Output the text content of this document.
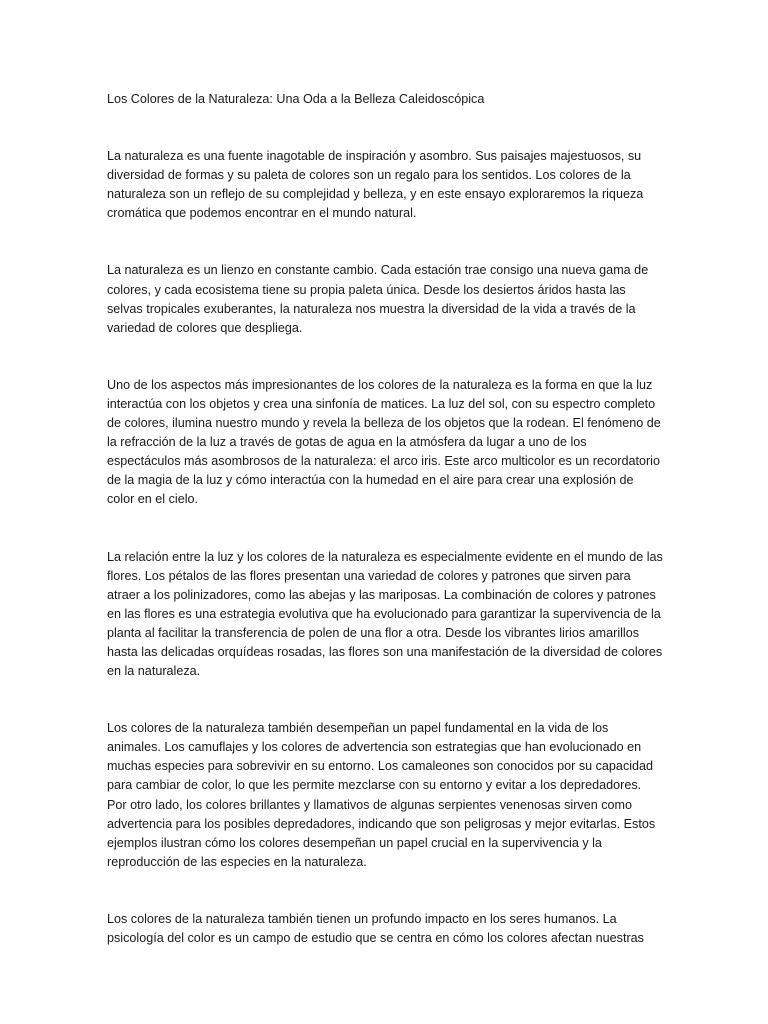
Los Colores de la Naturaleza: Una Oda a la Belleza Caleidoscópica

La naturaleza es una fuente inagotable de inspiración y asombro. Sus paisajes majestuosos, su diversidad de formas y su paleta de colores son un regalo para los sentidos. Los colores de la naturaleza son un reflejo de su complejidad y belleza, y en este ensayo exploraremos la riqueza cromática que podemos encontrar en el mundo natural.

La naturaleza es un lienzo en constante cambio. Cada estación trae consigo una nueva gama de colores, y cada ecosistema tiene su propia paleta única. Desde los desiertos áridos hasta las selvas tropicales exuberantes, la naturaleza nos muestra la diversidad de la vida a través de la variedad de colores que despliega.

Uno de los aspectos más impresionantes de los colores de la naturaleza es la forma en que la luz interactúa con los objetos y crea una sinfonía de matices. La luz del sol, con su espectro completo de colores, ilumina nuestro mundo y revela la belleza de los objetos que la rodean. El fenómeno de la refracción de la luz a través de gotas de agua en la atmósfera da lugar a uno de los espectáculos más asombrosos de la naturaleza: el arco iris. Este arco multicolor es un recordatorio de la magia de la luz y cómo interactúa con la humedad en el aire para crear una explosión de color en el cielo.

La relación entre la luz y los colores de la naturaleza es especialmente evidente en el mundo de las flores. Los pétalos de las flores presentan una variedad de colores y patrones que sirven para atraer a los polinizadores, como las abejas y las mariposas. La combinación de colores y patrones en las flores es una estrategia evolutiva que ha evolucionado para garantizar la supervivencia de la planta al facilitar la transferencia de polen de una flor a otra. Desde los vibrantes lirios amarillos hasta las delicadas orquídeas rosadas, las flores son una manifestación de la diversidad de colores en la naturaleza.

Los colores de la naturaleza también desempeñan un papel fundamental en la vida de los animales. Los camuflajes y los colores de advertencia son estrategias que han evolucionado en muchas especies para sobrevivir en su entorno. Los camaleones son conocidos por su capacidad para cambiar de color, lo que les permite mezclarse con su entorno y evitar a los depredadores. Por otro lado, los colores brillantes y llamativos de algunas serpientes venenosas sirven como advertencia para los posibles depredadores, indicando que son peligrosas y mejor evitarlas. Estos ejemplos ilustran cómo los colores desempeñan un papel crucial en la supervivencia y la reproducción de las especies en la naturaleza.

Los colores de la naturaleza también tienen un profundo impacto en los seres humanos. La psicología del color es un campo de estudio que se centra en cómo los colores afectan nuestras
